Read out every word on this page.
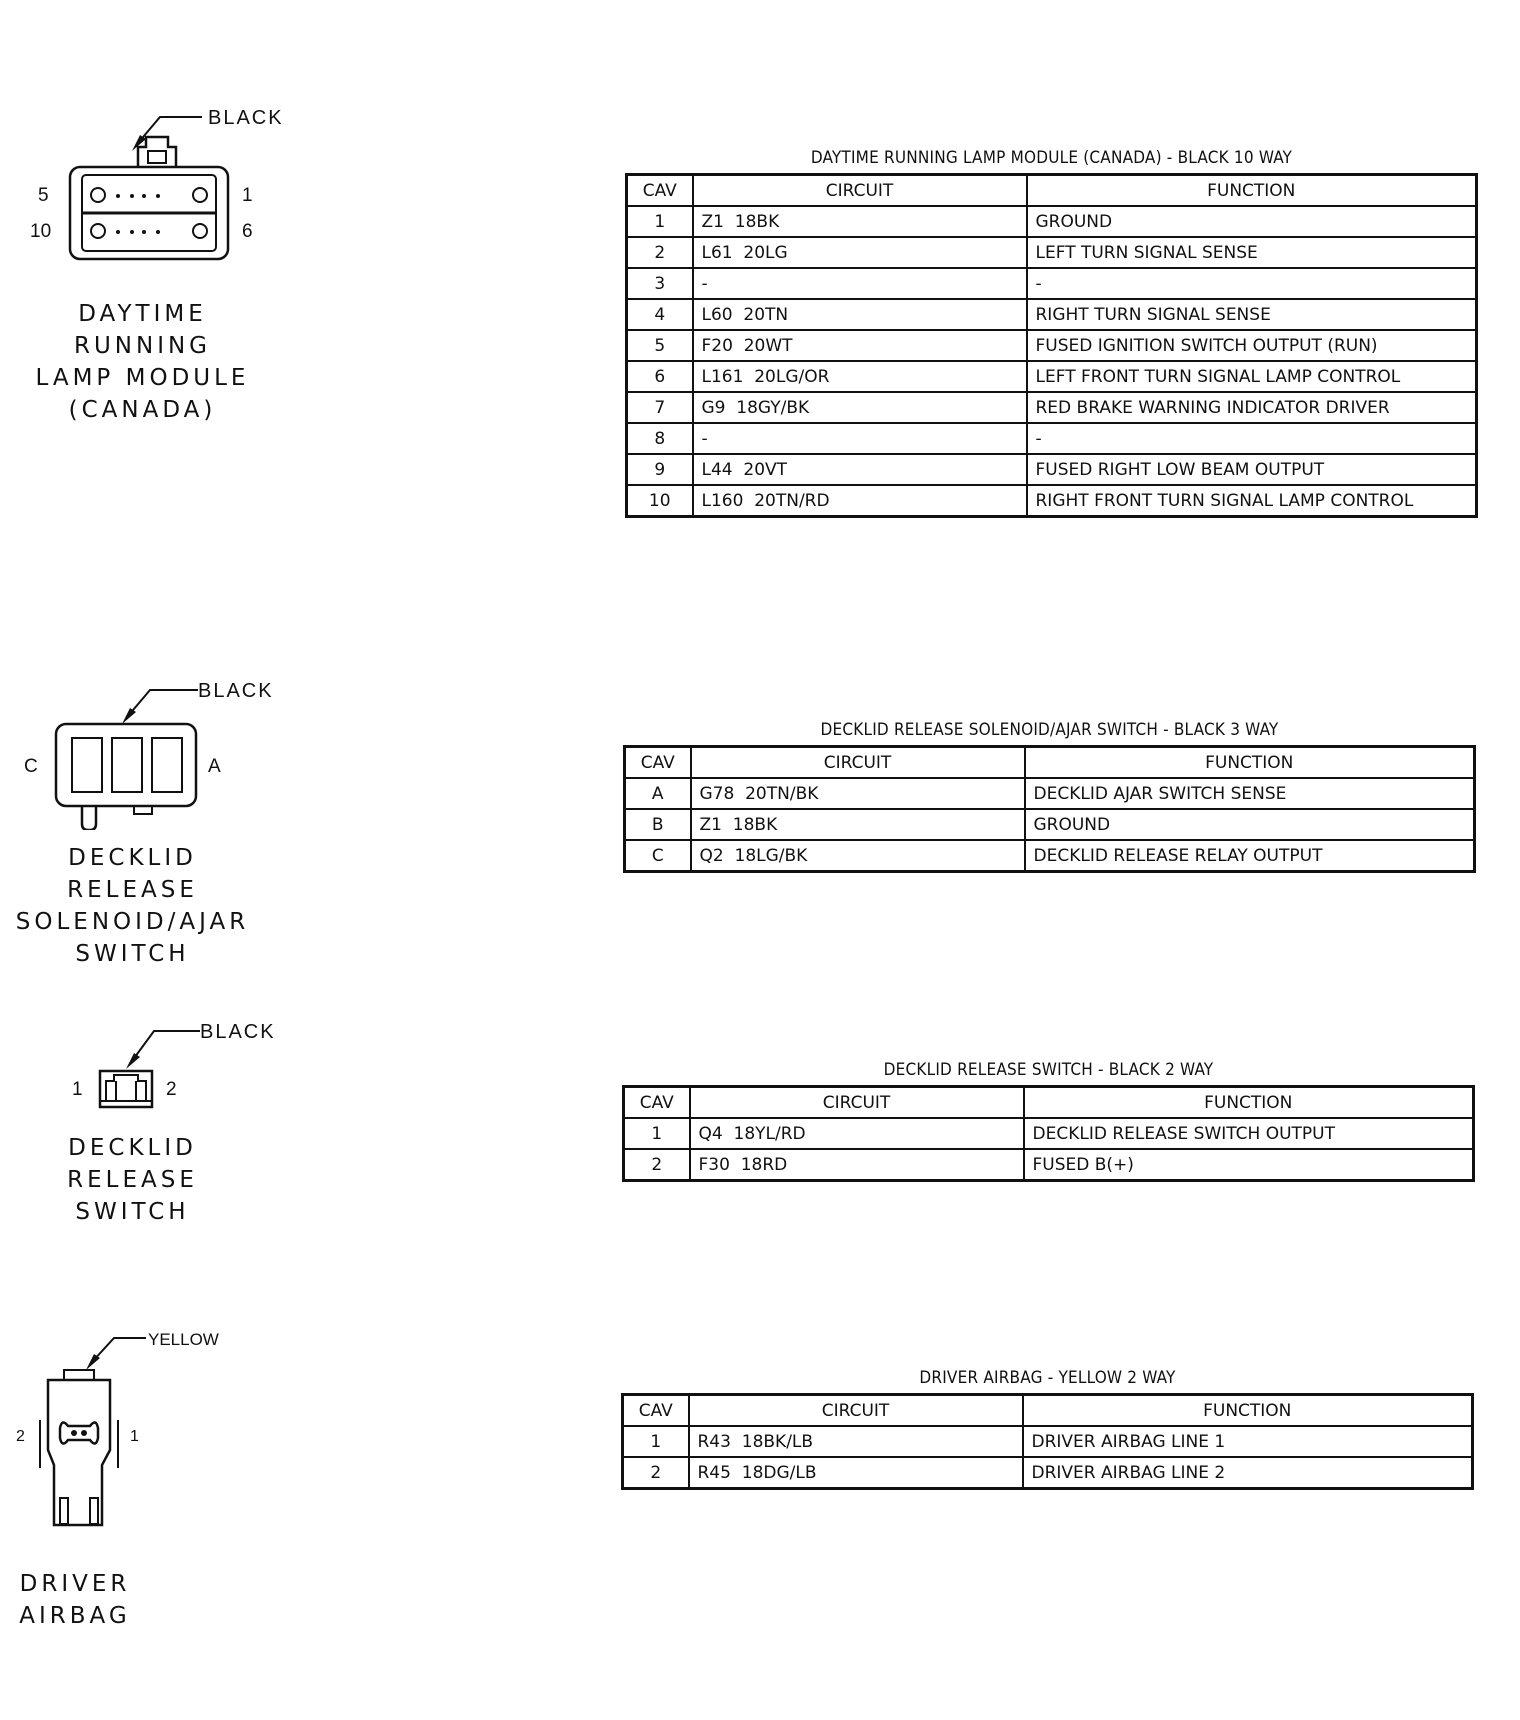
BLACK
5
10
1
6
DAYTIME RUNNING
LAMP MODULE
(CANADA)
DAYTIME RUNNING LAMP MODULE (CANADA) - BLACK 10 WAY
CAV	CIRCUIT	FUNCTION
1	Z1  18BK	GROUND
2	L61  20LG	LEFT TURN SIGNAL SENSE
3	-	-
4	L60  20TN	RIGHT TURN SIGNAL SENSE
5	F20  20WT	FUSED IGNITION SWITCH OUTPUT (RUN)
6	L161  20LG/OR	LEFT FRONT TURN SIGNAL LAMP CONTROL
7	G9  18GY/BK	RED BRAKE WARNING INDICATOR DRIVER
8	-	-
9	L44  20VT	FUSED RIGHT LOW BEAM OUTPUT
10	L160  20TN/RD	RIGHT FRONT TURN SIGNAL LAMP CONTROL
BLACK
C	A
DECKLID RELEASE
SOLENOID/AJAR
SWITCH
DECKLID RELEASE SOLENOID/AJAR SWITCH - BLACK 3 WAY
CAV	CIRCUIT	FUNCTION
A	G78  20TN/BK	DECKLID AJAR SWITCH SENSE
B	Z1  18BK	GROUND
C	Q2  18LG/BK	DECKLID RELEASE RELAY OUTPUT
BLACK
1	2
DECKLID RELEASE
SWITCH
DECKLID RELEASE SWITCH - BLACK 2 WAY
CAV	CIRCUIT	FUNCTION
1	Q4  18YL/RD	DECKLID RELEASE SWITCH OUTPUT
2	F30  18RD	FUSED B(+)
YELLOW
2	1
DRIVER
AIRBAG
DRIVER AIRBAG - YELLOW 2 WAY
CAV	CIRCUIT	FUNCTION
1	R43  18BK/LB	DRIVER AIRBAG LINE 1
2	R45  18DG/LB	DRIVER AIRBAG LINE 2
